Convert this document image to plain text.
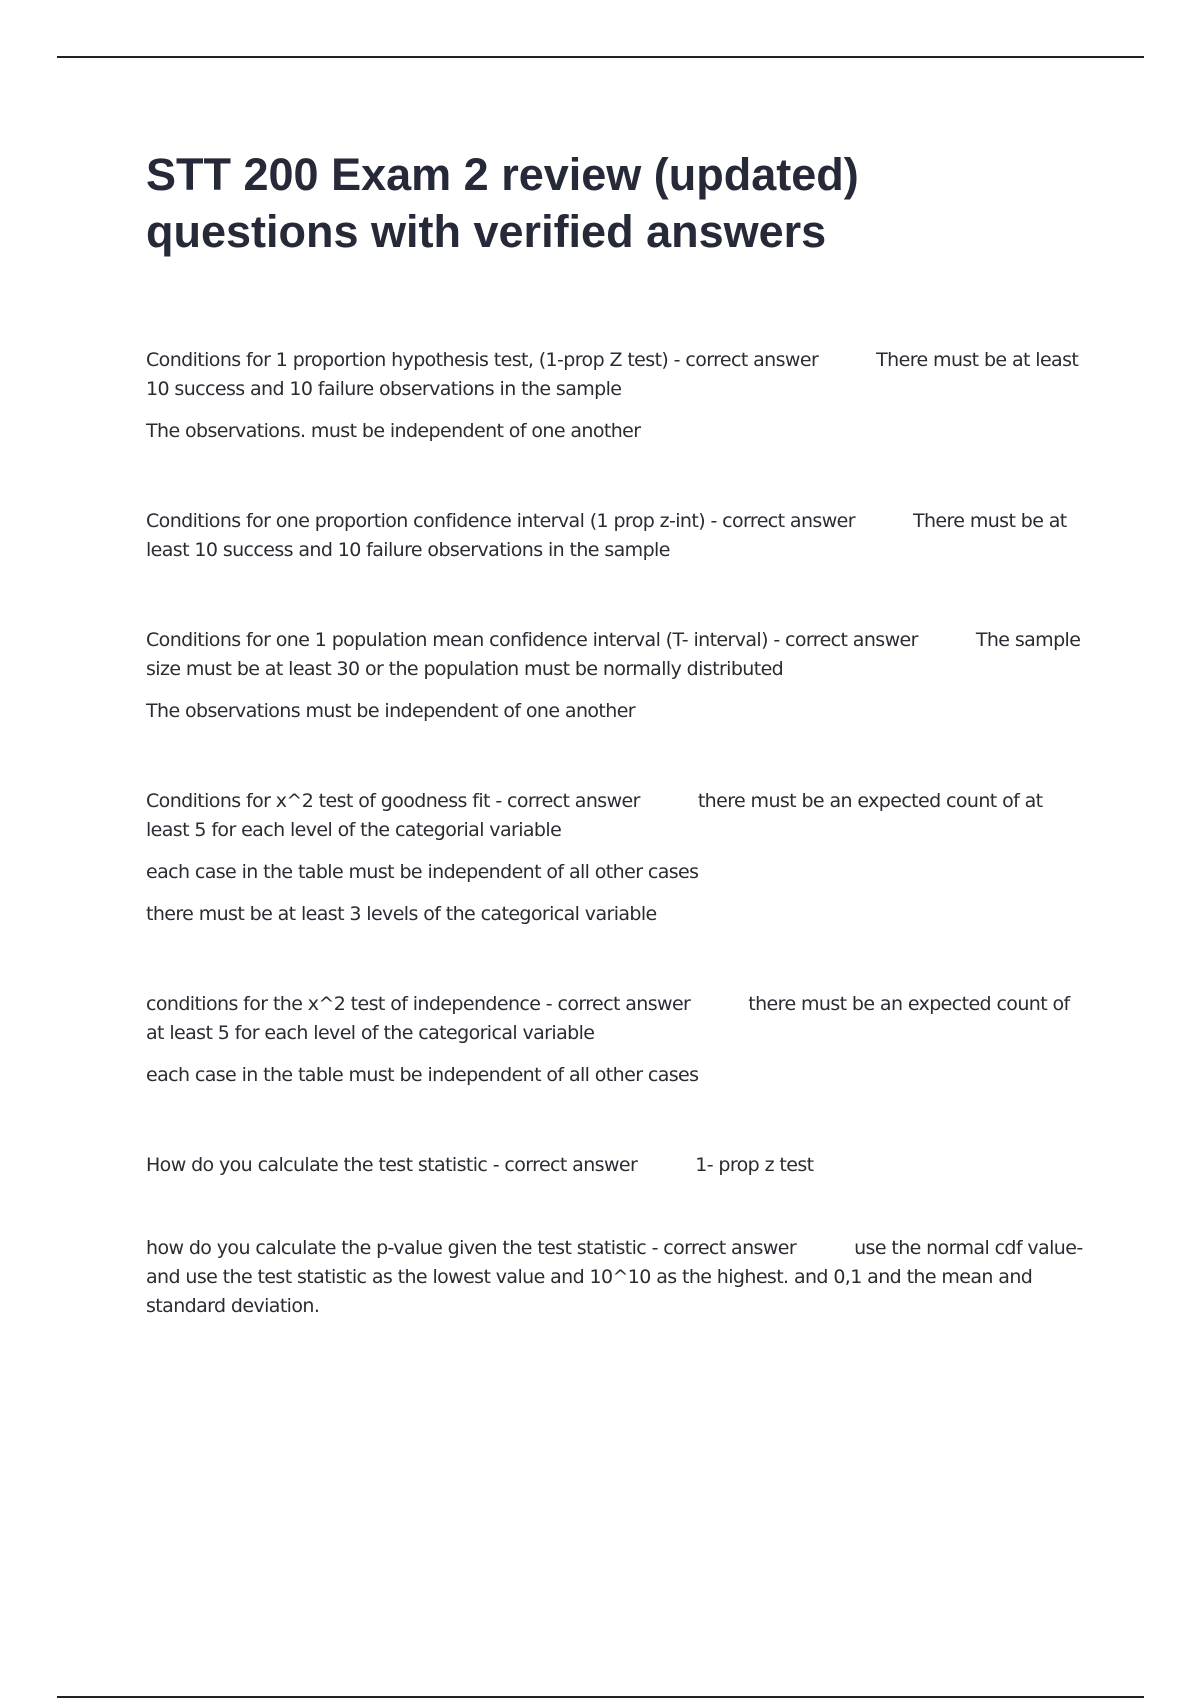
STT 200 Exam 2 review (updated)
questions with verified answers

Conditions for 1 proportion hypothesis test, (1-prop Z test) - correct answer	There must be at least 10 success and 10 failure observations in the sample

The observations. must be independent of one another

Conditions for one proportion confidence interval (1 prop z-int) - correct answer	There must be at least 10 success and 10 failure observations in the sample

Conditions for one 1 population mean confidence interval (T- interval) - correct answer	The sample size must be at least 30 or the population must be normally distributed

The observations must be independent of one another

Conditions for x^2 test of goodness fit - correct answer	there must be an expected count of at least 5 for each level of the categorial variable

each case in the table must be independent of all other cases

there must be at least 3 levels of the categorical variable

conditions for the x^2 test of independence - correct answer	there must be an expected count of at least 5 for each level of the categorical variable

each case in the table must be independent of all other cases

How do you calculate the test statistic - correct answer	1- prop z test

how do you calculate the p-value given the test statistic - correct answer	use the normal cdf value- and use the test statistic as the lowest value and 10^10 as the highest. and 0,1 and the mean and standard deviation.
